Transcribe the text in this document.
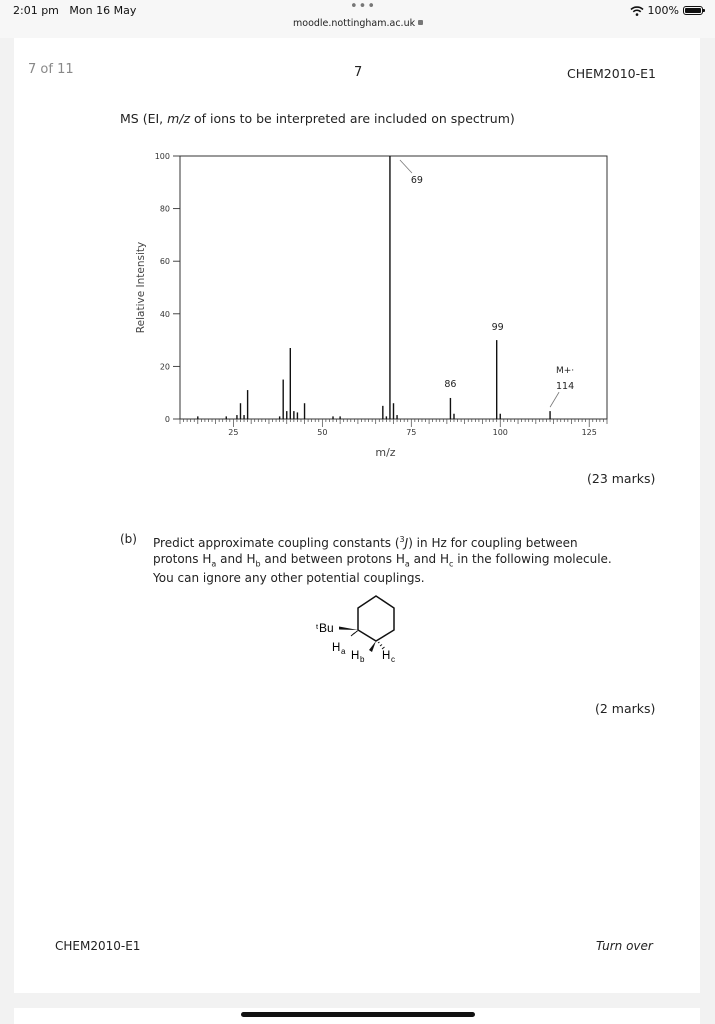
2:01 pm Mon 16 May	•••
moodle.nottingham.ac.uk
100%
7 of 11	7	CHEM2010-E1
MS (EI, m/z of ions to be interpreted are included on spectrum)
0
20
40
60
80
100
25	50	75	100	125
m/z
Relative Intensity
69
99
86	114
M+·
(23 marks)
(b) Predict approximate coupling constants ($^3$J) in Hz for coupling between
protons $H_a$ and $H_b$ and between protons $H_a$ and $H_c$ in the following molecule.
You can ignore any other potential couplings.
t Bu
H a H b H c
(2 marks)
CHEM2010-E1	Turn over
